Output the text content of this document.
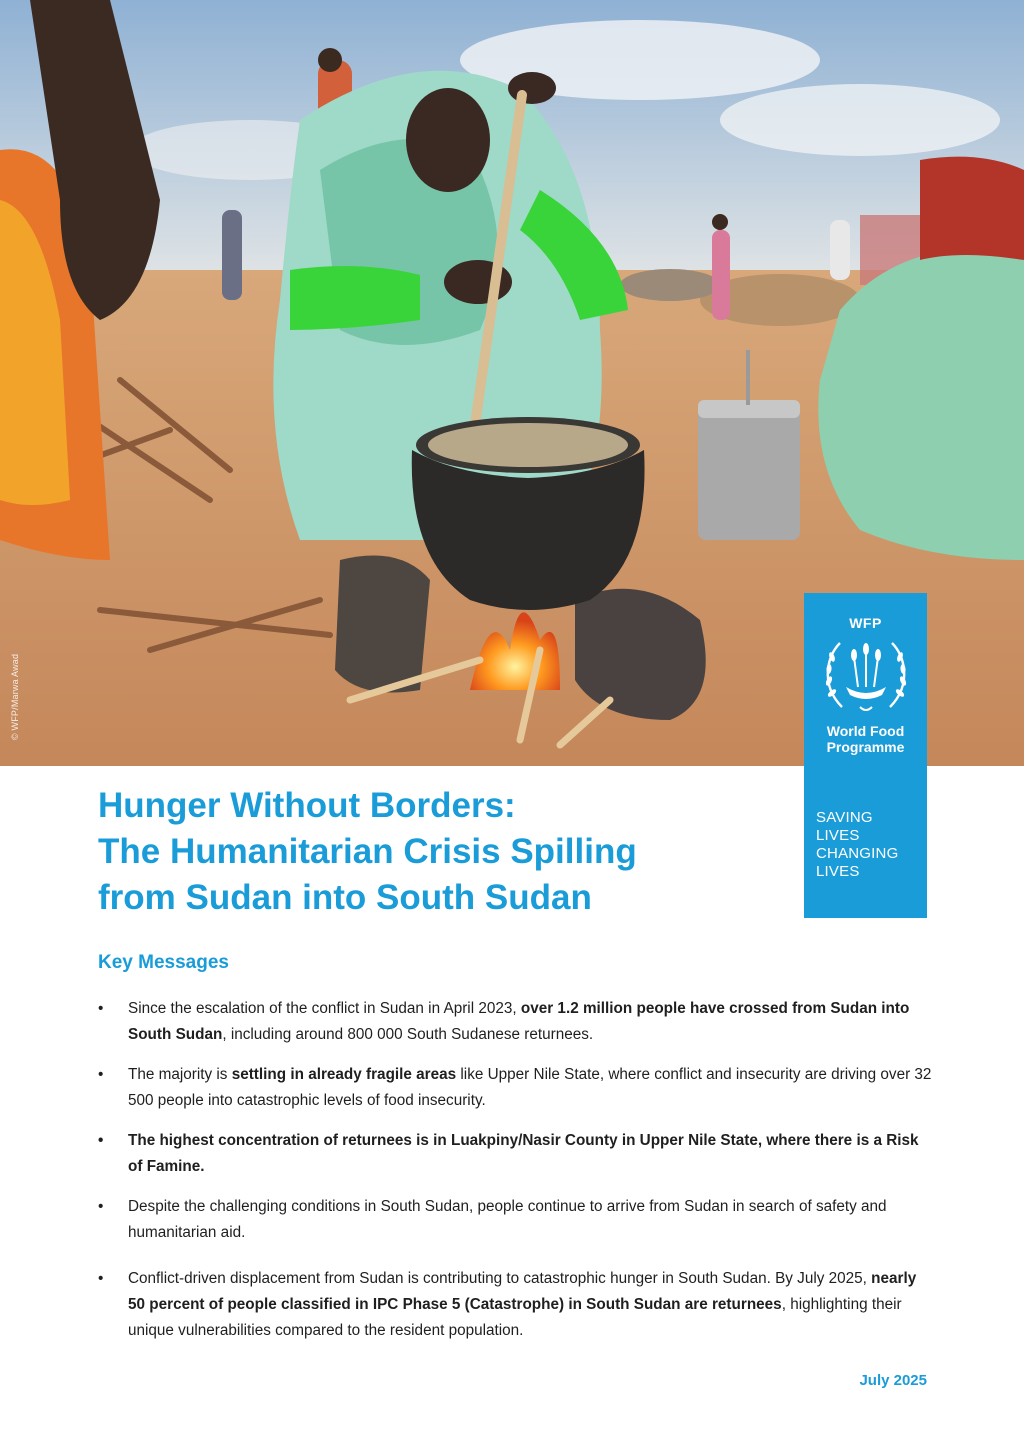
© WFP/Marwa Awad
WFP
World Food
Programme
SAVING
LIVES
CHANGING
LIVES
Hunger Without Borders:
The Humanitarian Crisis Spilling
from Sudan into South Sudan
Key Messages
• Since the escalation of the conflict in Sudan in April 2023, over 1.2 million people have crossed from Sudan into South Sudan, including around 800 000 South Sudanese returnees.
• The majority is settling in already fragile areas like Upper Nile State, where conflict and insecurity are driving over 32 500 people into catastrophic levels of food insecurity.
• The highest concentration of returnees is in Luakpiny/Nasir County in Upper Nile State, where there is a Risk of Famine.
• Despite the challenging conditions in South Sudan, people continue to arrive from Sudan in search of safety and humanitarian aid.
• Conflict-driven displacement from Sudan is contributing to catastrophic hunger in South Sudan. By July 2025, nearly 50 percent of people classified in IPC Phase 5 (Catastrophe) in South Sudan are returnees, highlighting their unique vulnerabilities compared to the resident population.
July 2025
